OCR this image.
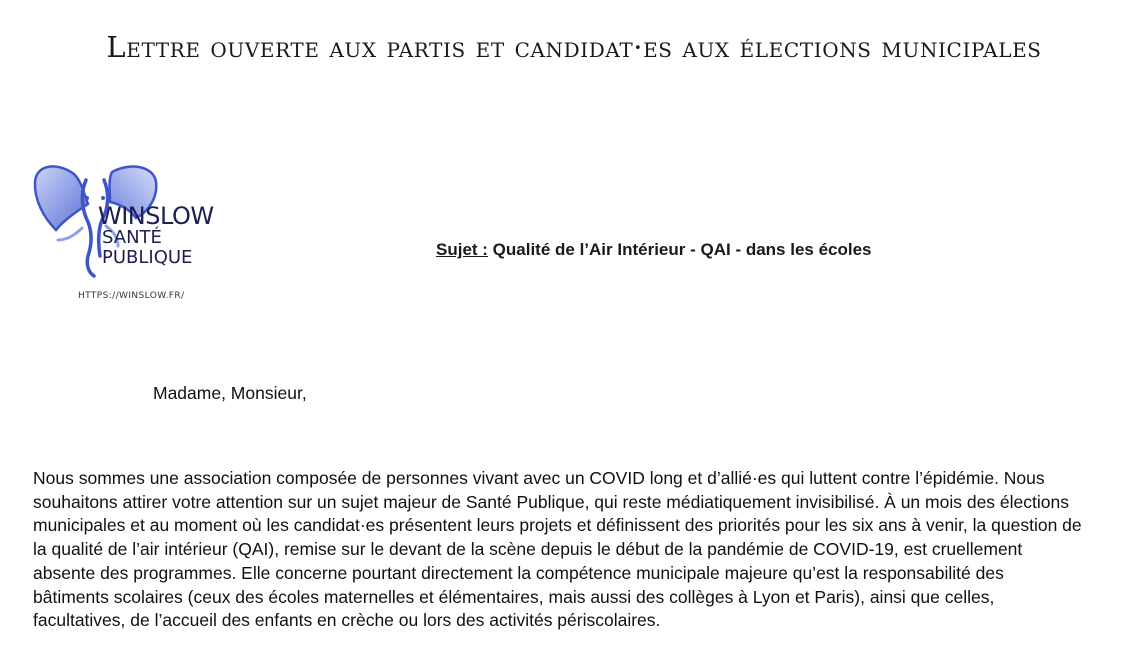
Lettre ouverte aux partis et candidat·es aux élections municipales
WINSLOW
SANTÉ
PUBLIQUE
HTTPS://WINSLOW.FR/
Sujet : Qualité de l’Air Intérieur - QAI - dans les écoles
Madame, Monsieur,
Nous sommes une association composée de personnes vivant avec un COVID long et d’allié·es qui luttent contre l’épidémie. Nous
souhaitons attirer votre attention sur un sujet majeur de Santé Publique, qui reste médiatiquement invisibilisé. À un mois des élections
municipales et au moment où les candidat·es présentent leurs projets et définissent des priorités pour les six ans à venir, la question de
la qualité de l’air intérieur (QAI), remise sur le devant de la scène depuis le début de la pandémie de COVID-19, est cruellement
absente des programmes. Elle concerne pourtant directement la compétence municipale majeure qu’est la responsabilité des
bâtiments scolaires (ceux des écoles maternelles et élémentaires, mais aussi des collèges à Lyon et Paris), ainsi que celles,
facultatives, de l’accueil des enfants en crèche ou lors des activités périscolaires.
